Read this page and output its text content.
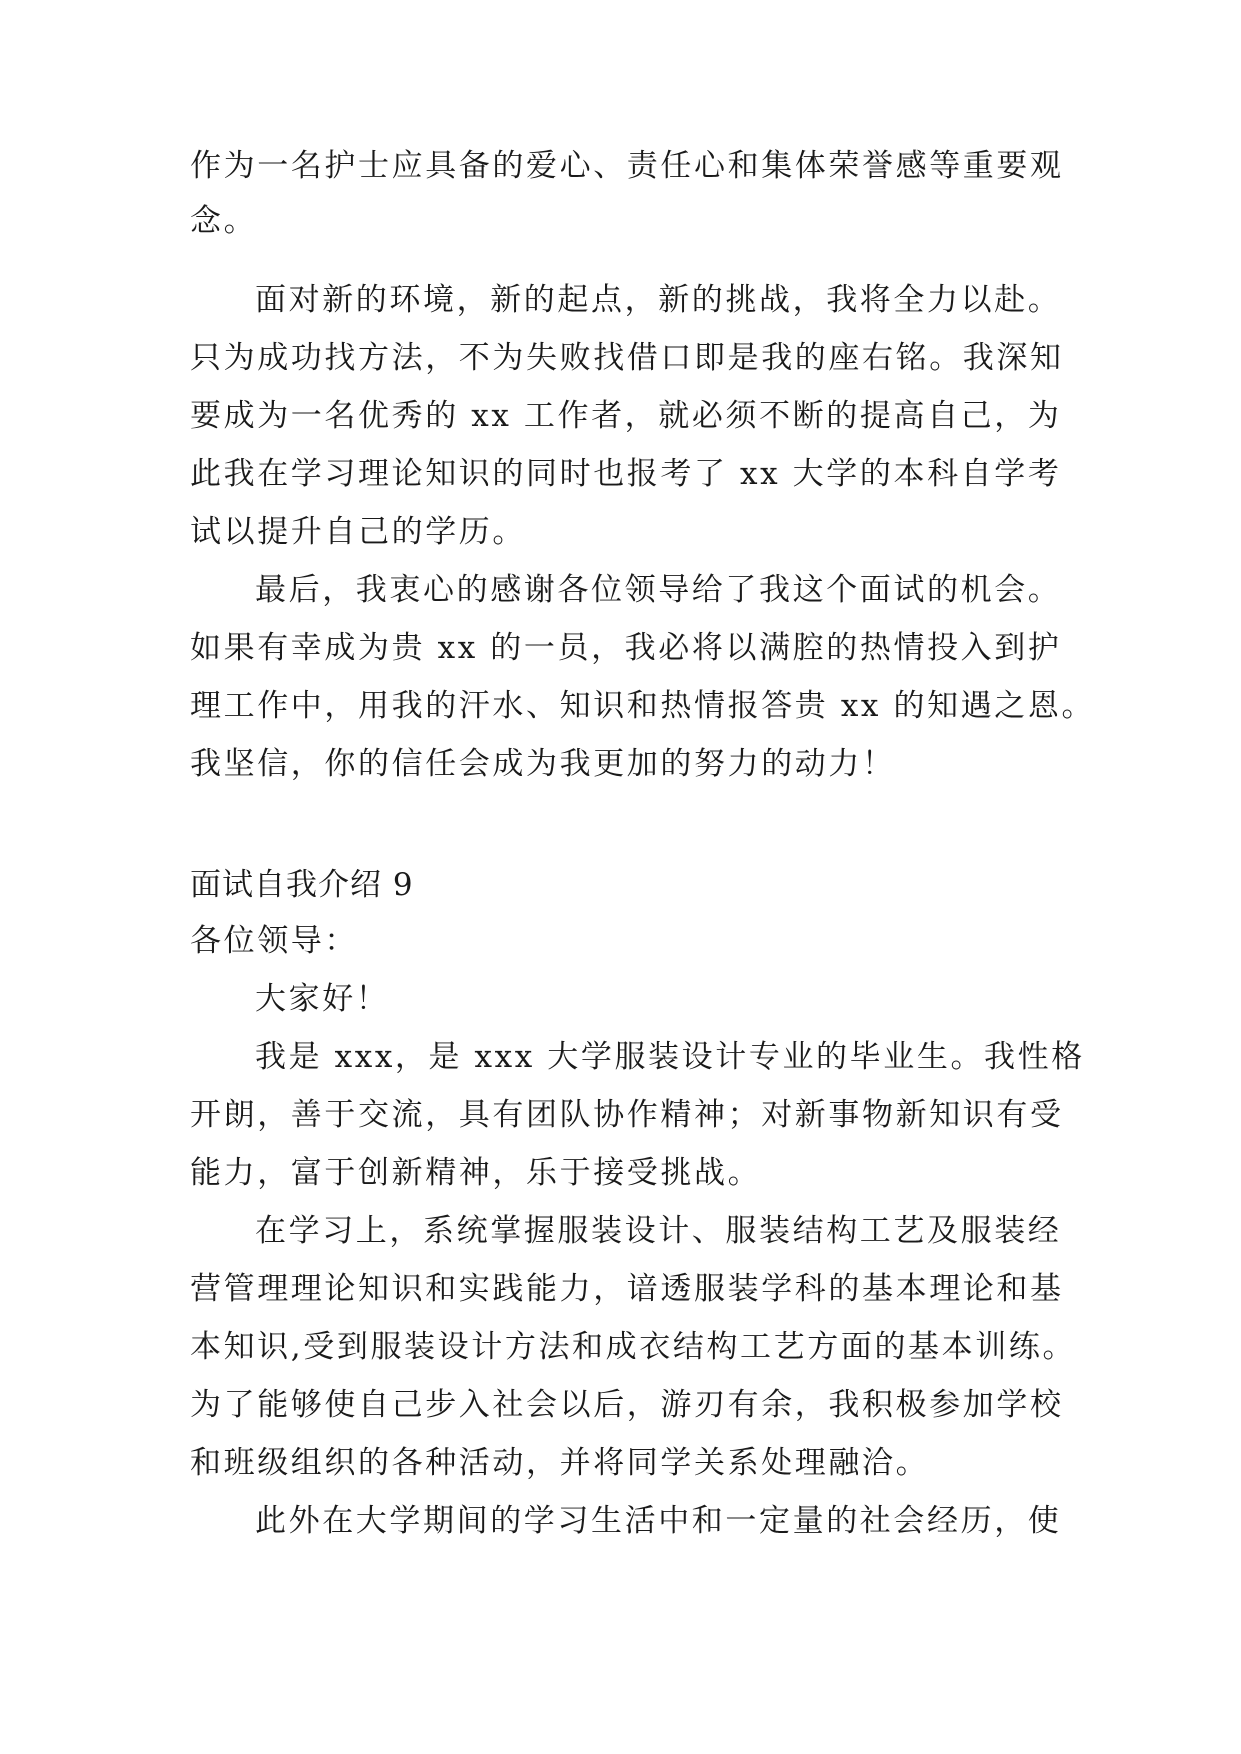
作为一名护士应具备的爱心、责任心和集体荣誉感等重要观
念。
面对新的环境，新的起点，新的挑战，我将全力以赴。
只为成功找方法，不为失败找借口即是我的座右铭。我深知
要成为一名优秀的 xx 工作者，就必须不断的提高自己，为
此我在学习理论知识的同时也报考了 xx 大学的本科自学考
试以提升自己的学历。
最后，我衷心的感谢各位领导给了我这个面试的机会。
如果有幸成为贵 xx 的一员，我必将以满腔的热情投入到护
理工作中，用我的汗水、知识和热情报答贵 xx 的知遇之恩。
我坚信，你的信任会成为我更加的努力的动力！
面试自我介绍 9
各位领导：
大家好！
我是 xxx，是 xxx 大学服装设计专业的毕业生。我性格
开朗，善于交流，具有团队协作精神；对新事物新知识有受
能力，富于创新精神，乐于接受挑战。
在学习上，系统掌握服装设计、服装结构工艺及服装经
营管理理论知识和实践能力，谙透服装学科的基本理论和基
本知识,受到服装设计方法和成衣结构工艺方面的基本训练。
为了能够使自己步入社会以后，游刃有余，我积极参加学校
和班级组织的各种活动，并将同学关系处理融洽。
此外在大学期间的学习生活中和一定量的社会经历，使
